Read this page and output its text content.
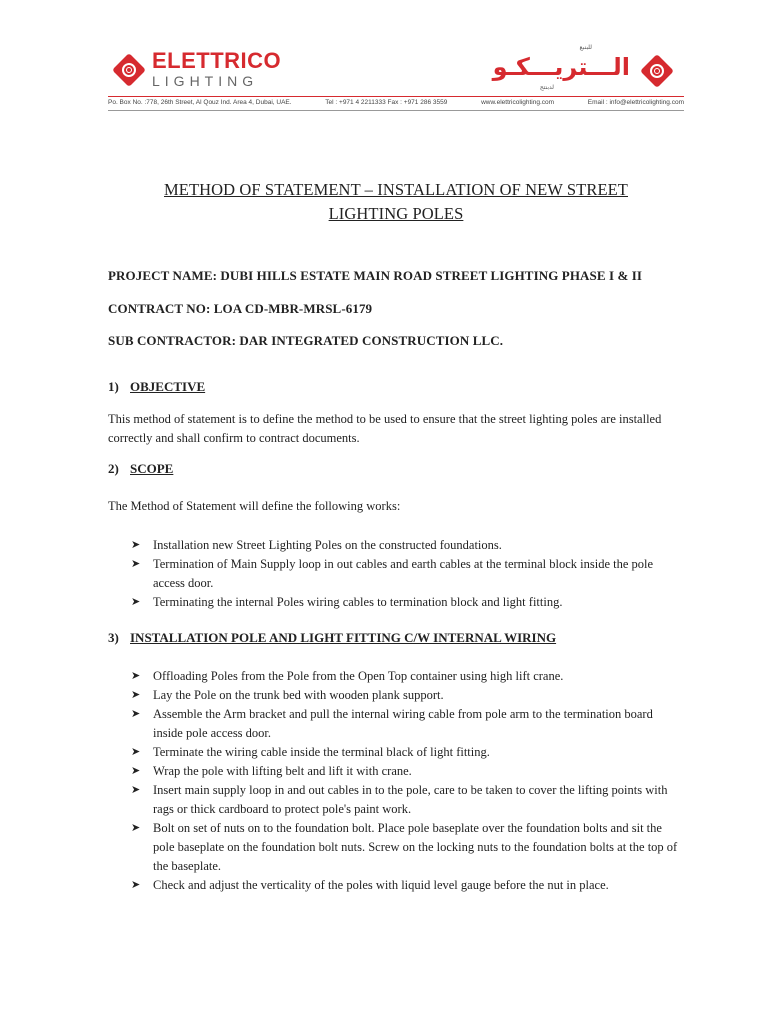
ELETTRICO
LIGHTING	الـــتريـــكـو
للبنبع
لدبنتج
Po. Box No. :778, 26th Street, Al Qouz Ind. Area 4, Dubai, UAE.	Tel : +971 4 2211333 Fax : +971 286 3559	www.elettricolighting.com	Email : info@elettricolighting.com
METHOD OF STATEMENT – INSTALLATION OF NEW STREET
LIGHTING POLES
PROJECT NAME: DUBI HILLS ESTATE MAIN ROAD STREET LIGHTING PHASE I & II
CONTRACT NO: LOA CD-MBR-MRSL-6179
SUB CONTRACTOR: DAR INTEGRATED CONSTRUCTION LLC.
1) OBJECTIVE
This method of statement is to define the method to be used to ensure that the street lighting poles are installed correctly and shall confirm to contract documents.
2) SCOPE
The Method of Statement will define the following works:
➤ Installation new Street Lighting Poles on the constructed foundations.
➤ Termination of Main Supply loop in out cables and earth cables at the terminal block inside the pole access door.
➤ Terminating the internal Poles wiring cables to termination block and light fitting.
3) INSTALLATION POLE AND LIGHT FITTING C/W INTERNAL WIRING
➤ Offloading Poles from the Pole from the Open Top container using high lift crane.
➤ Lay the Pole on the trunk bed with wooden plank support.
➤ Assemble the Arm bracket and pull the internal wiring cable from pole arm to the termination board inside pole access door.
➤ Terminate the wiring cable inside the terminal black of light fitting.
➤ Wrap the pole with lifting belt and lift it with crane.
➤ Insert main supply loop in and out cables in to the pole, care to be taken to cover the lifting points with rags or thick cardboard to protect pole's paint work.
➤ Bolt on set of nuts on to the foundation bolt. Place pole baseplate over the foundation bolts and sit the pole baseplate on the foundation bolt nuts. Screw on the locking nuts to the foundation bolts at the top of the baseplate.
➤ Check and adjust the verticality of the poles with liquid level gauge before the nut in place.
